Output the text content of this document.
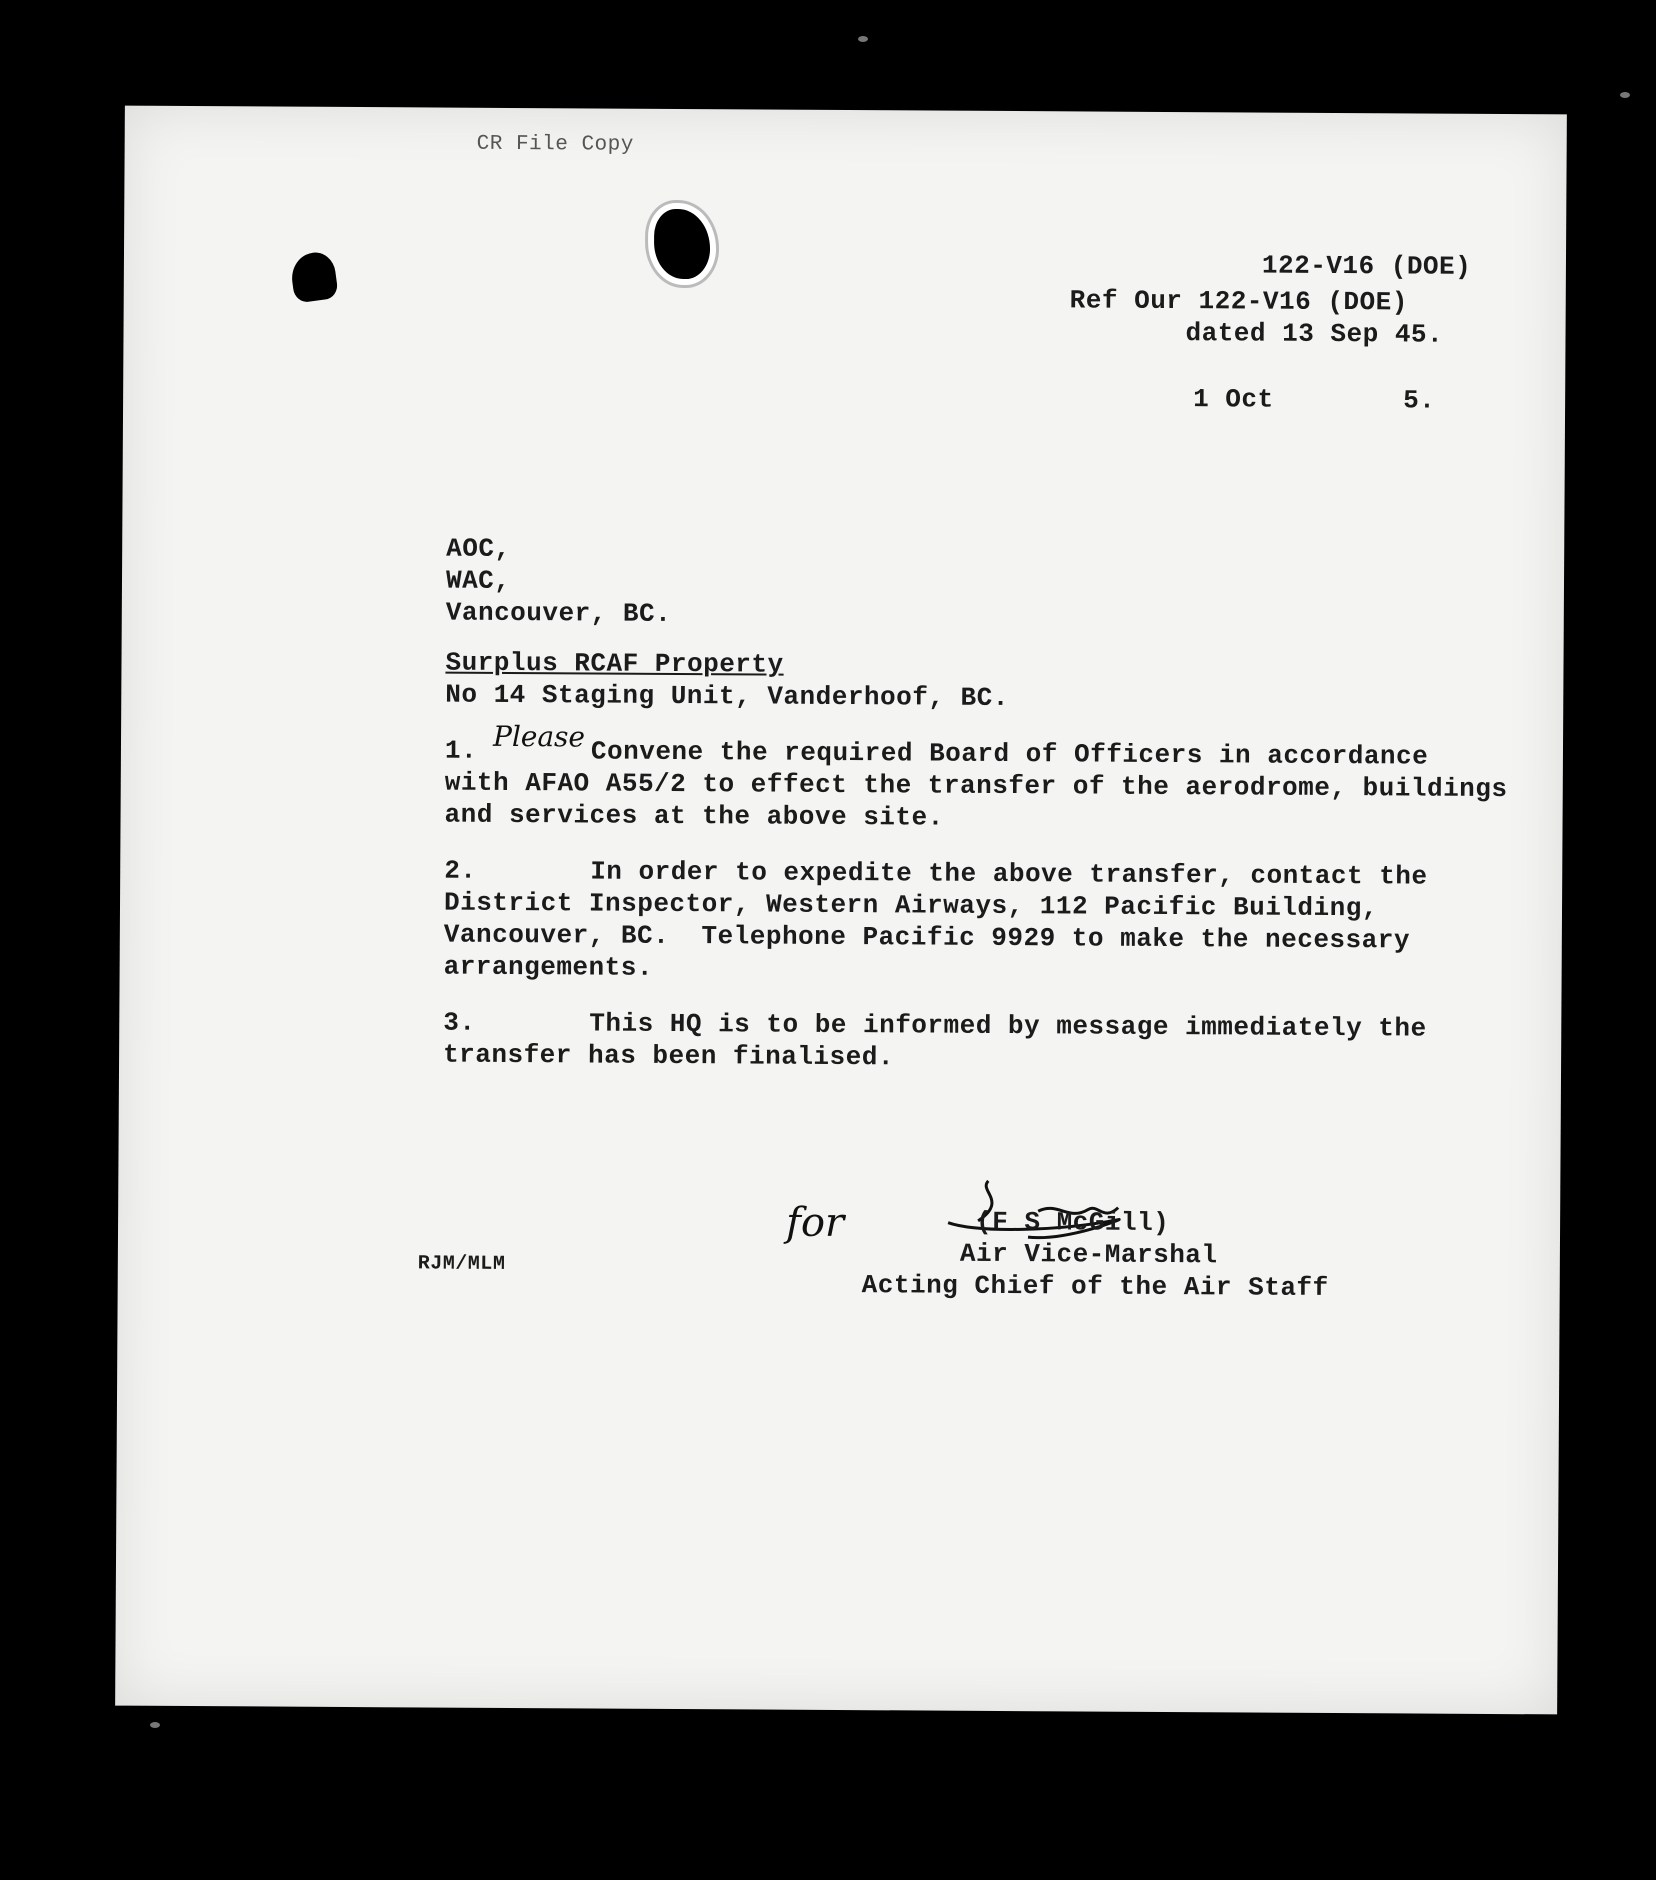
CR File Copy
122-V16 (DOE)
Ref Our 122-V16 (DOE)
dated 13 Sep 45.
1 Oct	5.
AOC,
WAC,
Vancouver, BC.
Surplus RCAF Property
No 14 Staging Unit, Vanderhoof, BC.
1. Please Convene the required Board of Officers in accordance
with AFAO A55/2 to effect the transfer of the aerodrome, buildings
and services at the above site.
2.	In order to expedite the above transfer, contact the
District Inspector, Western Airways, 112 Pacific Building,
Vancouver, BC.  Telephone Pacific 9929 to make the necessary
arrangements.
3.	This HQ is to be informed by message immediately the
transfer has been finalised.
for	(F S McGill)
Air Vice-Marshal
Acting Chief of the Air Staff
RJM/MLM
